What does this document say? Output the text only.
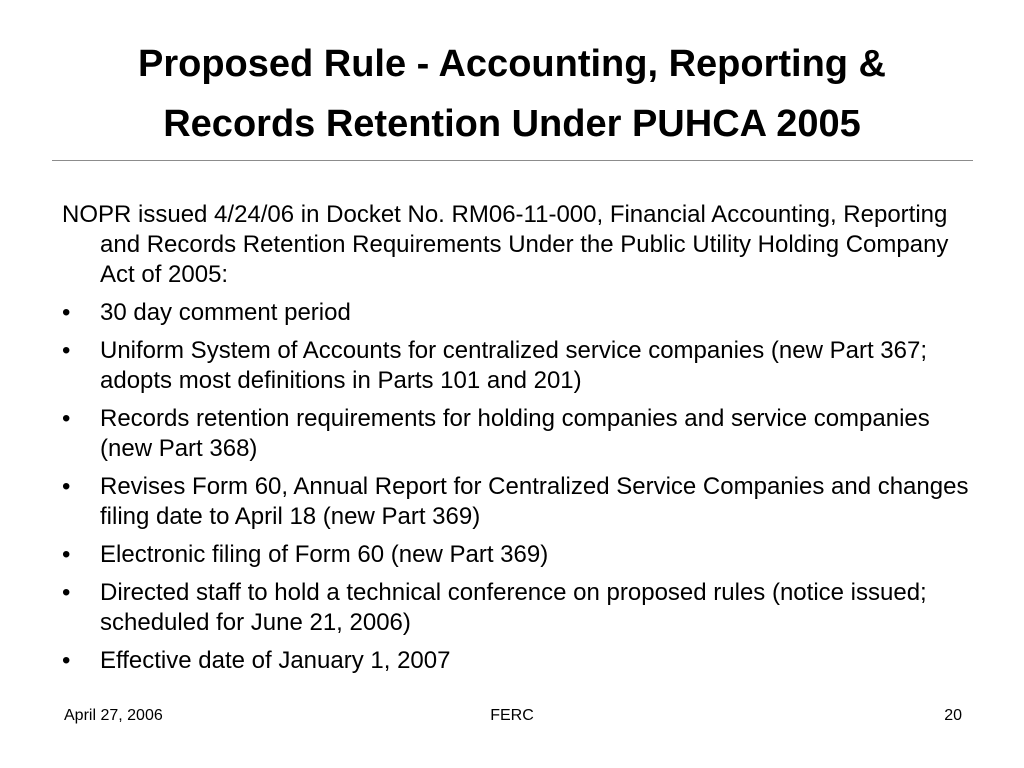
Proposed Rule - Accounting, Reporting &
Records Retention Under PUHCA 2005

NOPR issued 4/24/06 in Docket No. RM06-11-000, Financial Accounting, Reporting and Records Retention Requirements Under the Public Utility Holding Company Act of 2005:

•	30 day comment period
•	Uniform System of Accounts for centralized service companies (new Part 367; adopts most definitions in Parts 101 and 201)
•	Records retention requirements for holding companies and service companies (new Part 368)
•	Revises Form 60, Annual Report for Centralized Service Companies and changes filing date to April 18 (new Part 369)
•	Electronic filing of Form 60 (new Part 369)
•	Directed staff to hold a technical conference on proposed rules (notice issued; scheduled for June 21, 2006)
•	Effective date of January 1, 2007
April 27, 2006	FERC	20
